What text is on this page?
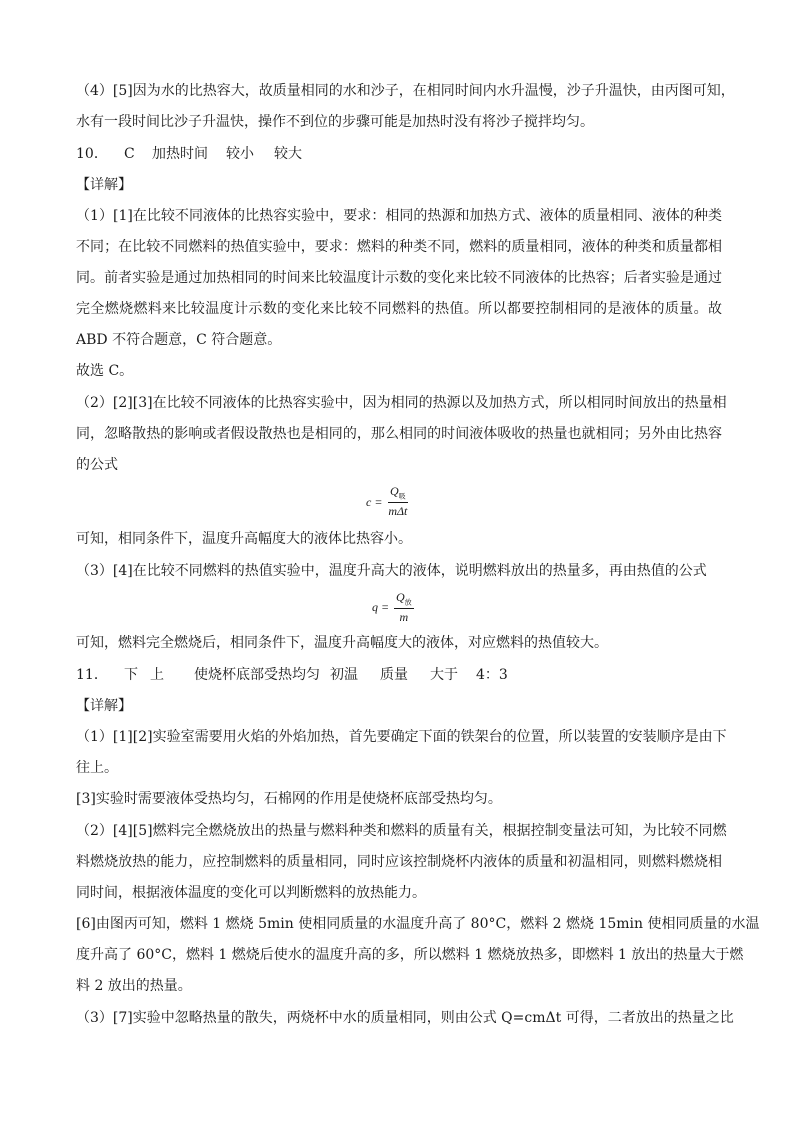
（4）[5]因为水的比热容大，故质量相同的水和沙子，在相同时间内水升温慢，沙子升温快，由丙图可知，
水有一段时间比沙子升温快，操作不到位的步骤可能是加热时没有将沙子搅拌均匀。
10．	C	加热时间	较小	较大
【详解】
（1）[1]在比较不同液体的比热容实验中，要求：相同的热源和加热方式、液体的质量相同、液体的种类
不同；在比较不同燃料的热值实验中，要求：燃料的种类不同，燃料的质量相同，液体的种类和质量都相
同。前者实验是通过加热相同的时间来比较温度计示数的变化来比较不同液体的比热容；后者实验是通过
完全燃烧燃料来比较温度计示数的变化来比较不同燃料的热值。所以都要控制相同的是液体的质量。故
ABD 不符合题意，C 符合题意。
故选 C。
（2）[2][3]在比较不同液体的比热容实验中，因为相同的热源以及加热方式，所以相同时间放出的热量相
同，忽略散热的影响或者假设散热也是相同的，那么相同的时间液体吸收的热量也就相同；另外由比热容
的公式
c =
$Q_吸$
mΔt
可知，相同条件下，温度升高幅度大的液体比热容小。
（3）[4]在比较不同燃料的热值实验中，温度升高大的液体，说明燃料放出的热量多，再由热值的公式
q =
$Q_放$
m
可知，燃料完全燃烧后，相同条件下，温度升高幅度大的液体，对应燃料的热值较大。
11．	下 上	使烧杯底部受热均匀 初温	质量	大于	4：3
【详解】
（1）[1][2]实验室需要用火焰的外焰加热，首先要确定下面的铁架台的位置，所以装置的安装顺序是由下
往上。
[3]实验时需要液体受热均匀，石棉网的作用是使烧杯底部受热均匀。
（2）[4][5]燃料完全燃烧放出的热量与燃料种类和燃料的质量有关，根据控制变量法可知，为比较不同燃
料燃烧放热的能力，应控制燃料的质量相同，同时应该控制烧杯内液体的质量和初温相同，则燃料燃烧相
同时间，根据液体温度的变化可以判断燃料的放热能力。
[6]由图丙可知，燃料 1 燃烧 5min 使相同质量的水温度升高了 80°C，燃料 2 燃烧 15min 使相同质量的水温
度升高了 60°C，燃料 1 燃烧后使水的温度升高的多，所以燃料 1 燃烧放热多，即燃料 1 放出的热量大于燃
料 2 放出的热量。
（3）[7]实验中忽略热量的散失，两烧杯中水的质量相同，则由公式 Q=cmΔt 可得，二者放出的热量之比
